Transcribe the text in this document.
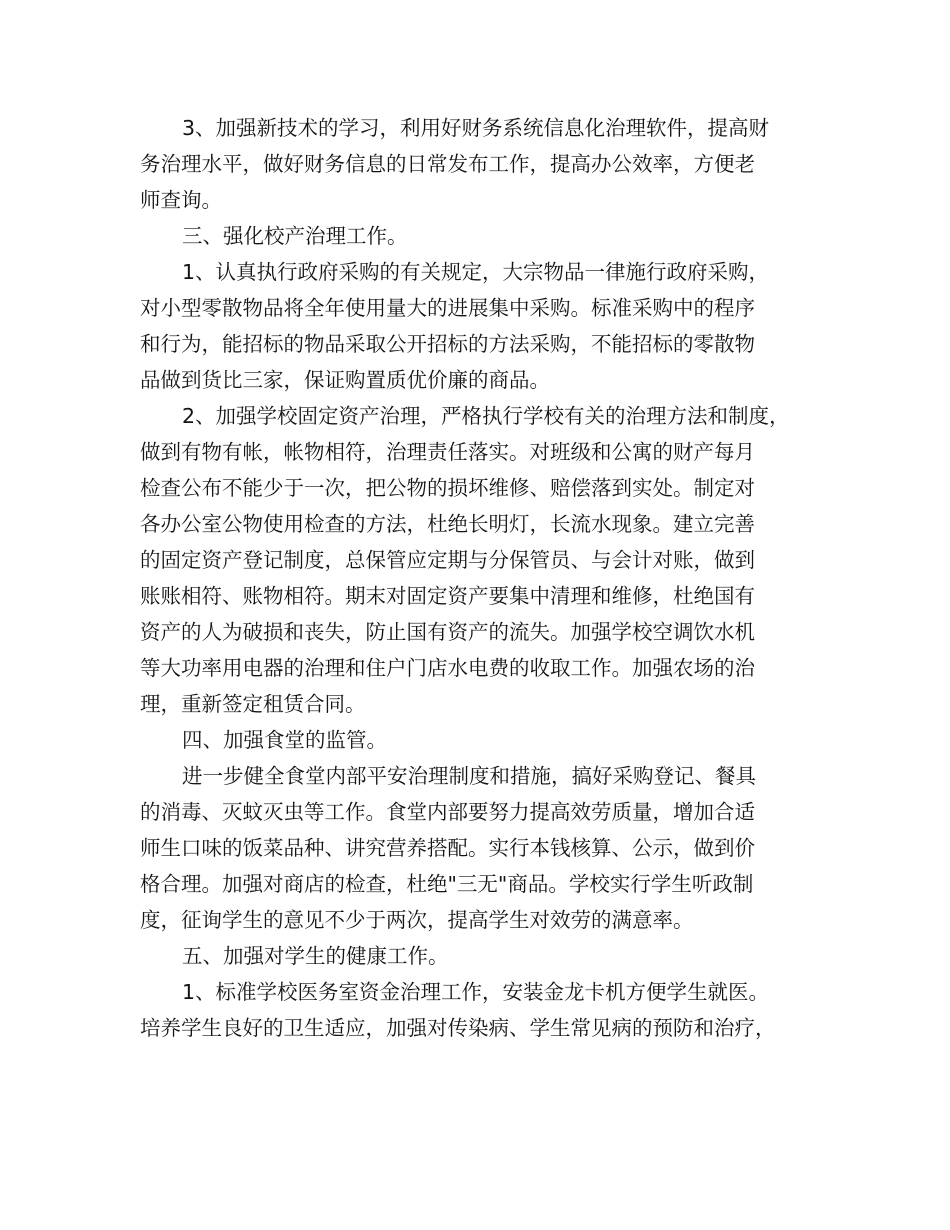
3、加强新技术的学习，利用好财务系统信息化治理软件，提高财
务治理水平，做好财务信息的日常发布工作，提高办公效率，方便老
师查询。
三、强化校产治理工作。
1、认真执行政府采购的有关规定，大宗物品一律施行政府采购，
对小型零散物品将全年使用量大的进展集中采购。标准采购中的程序
和行为，能招标的物品采取公开招标的方法采购，不能招标的零散物
品做到货比三家，保证购置质优价廉的商品。
2、加强学校固定资产治理，严格执行学校有关的治理方法和制度，
做到有物有帐，帐物相符，治理责任落实。对班级和公寓的财产每月
检查公布不能少于一次，把公物的损坏维修、赔偿落到实处。制定对
各办公室公物使用检查的方法，杜绝长明灯，长流水现象。建立完善
的固定资产登记制度，总保管应定期与分保管员、与会计对账，做到
账账相符、账物相符。期末对固定资产要集中清理和维修，杜绝国有
资产的人为破损和丧失，防止国有资产的流失。加强学校空调饮水机
等大功率用电器的治理和住户门店水电费的收取工作。加强农场的治
理，重新签定租赁合同。
四、加强食堂的监管。
进一步健全食堂内部平安治理制度和措施，搞好采购登记、餐具
的消毒、灭蚊灭虫等工作。食堂内部要努力提高效劳质量，增加合适
师生口味的饭菜品种、讲究营养搭配。实行本钱核算、公示，做到价
格合理。加强对商店的检查，杜绝"三无"商品。学校实行学生听政制
度，征询学生的意见不少于两次，提高学生对效劳的满意率。
五、加强对学生的健康工作。
1、标准学校医务室资金治理工作，安装金龙卡机方便学生就医。
培养学生良好的卫生适应，加强对传染病、学生常见病的预防和治疗，
